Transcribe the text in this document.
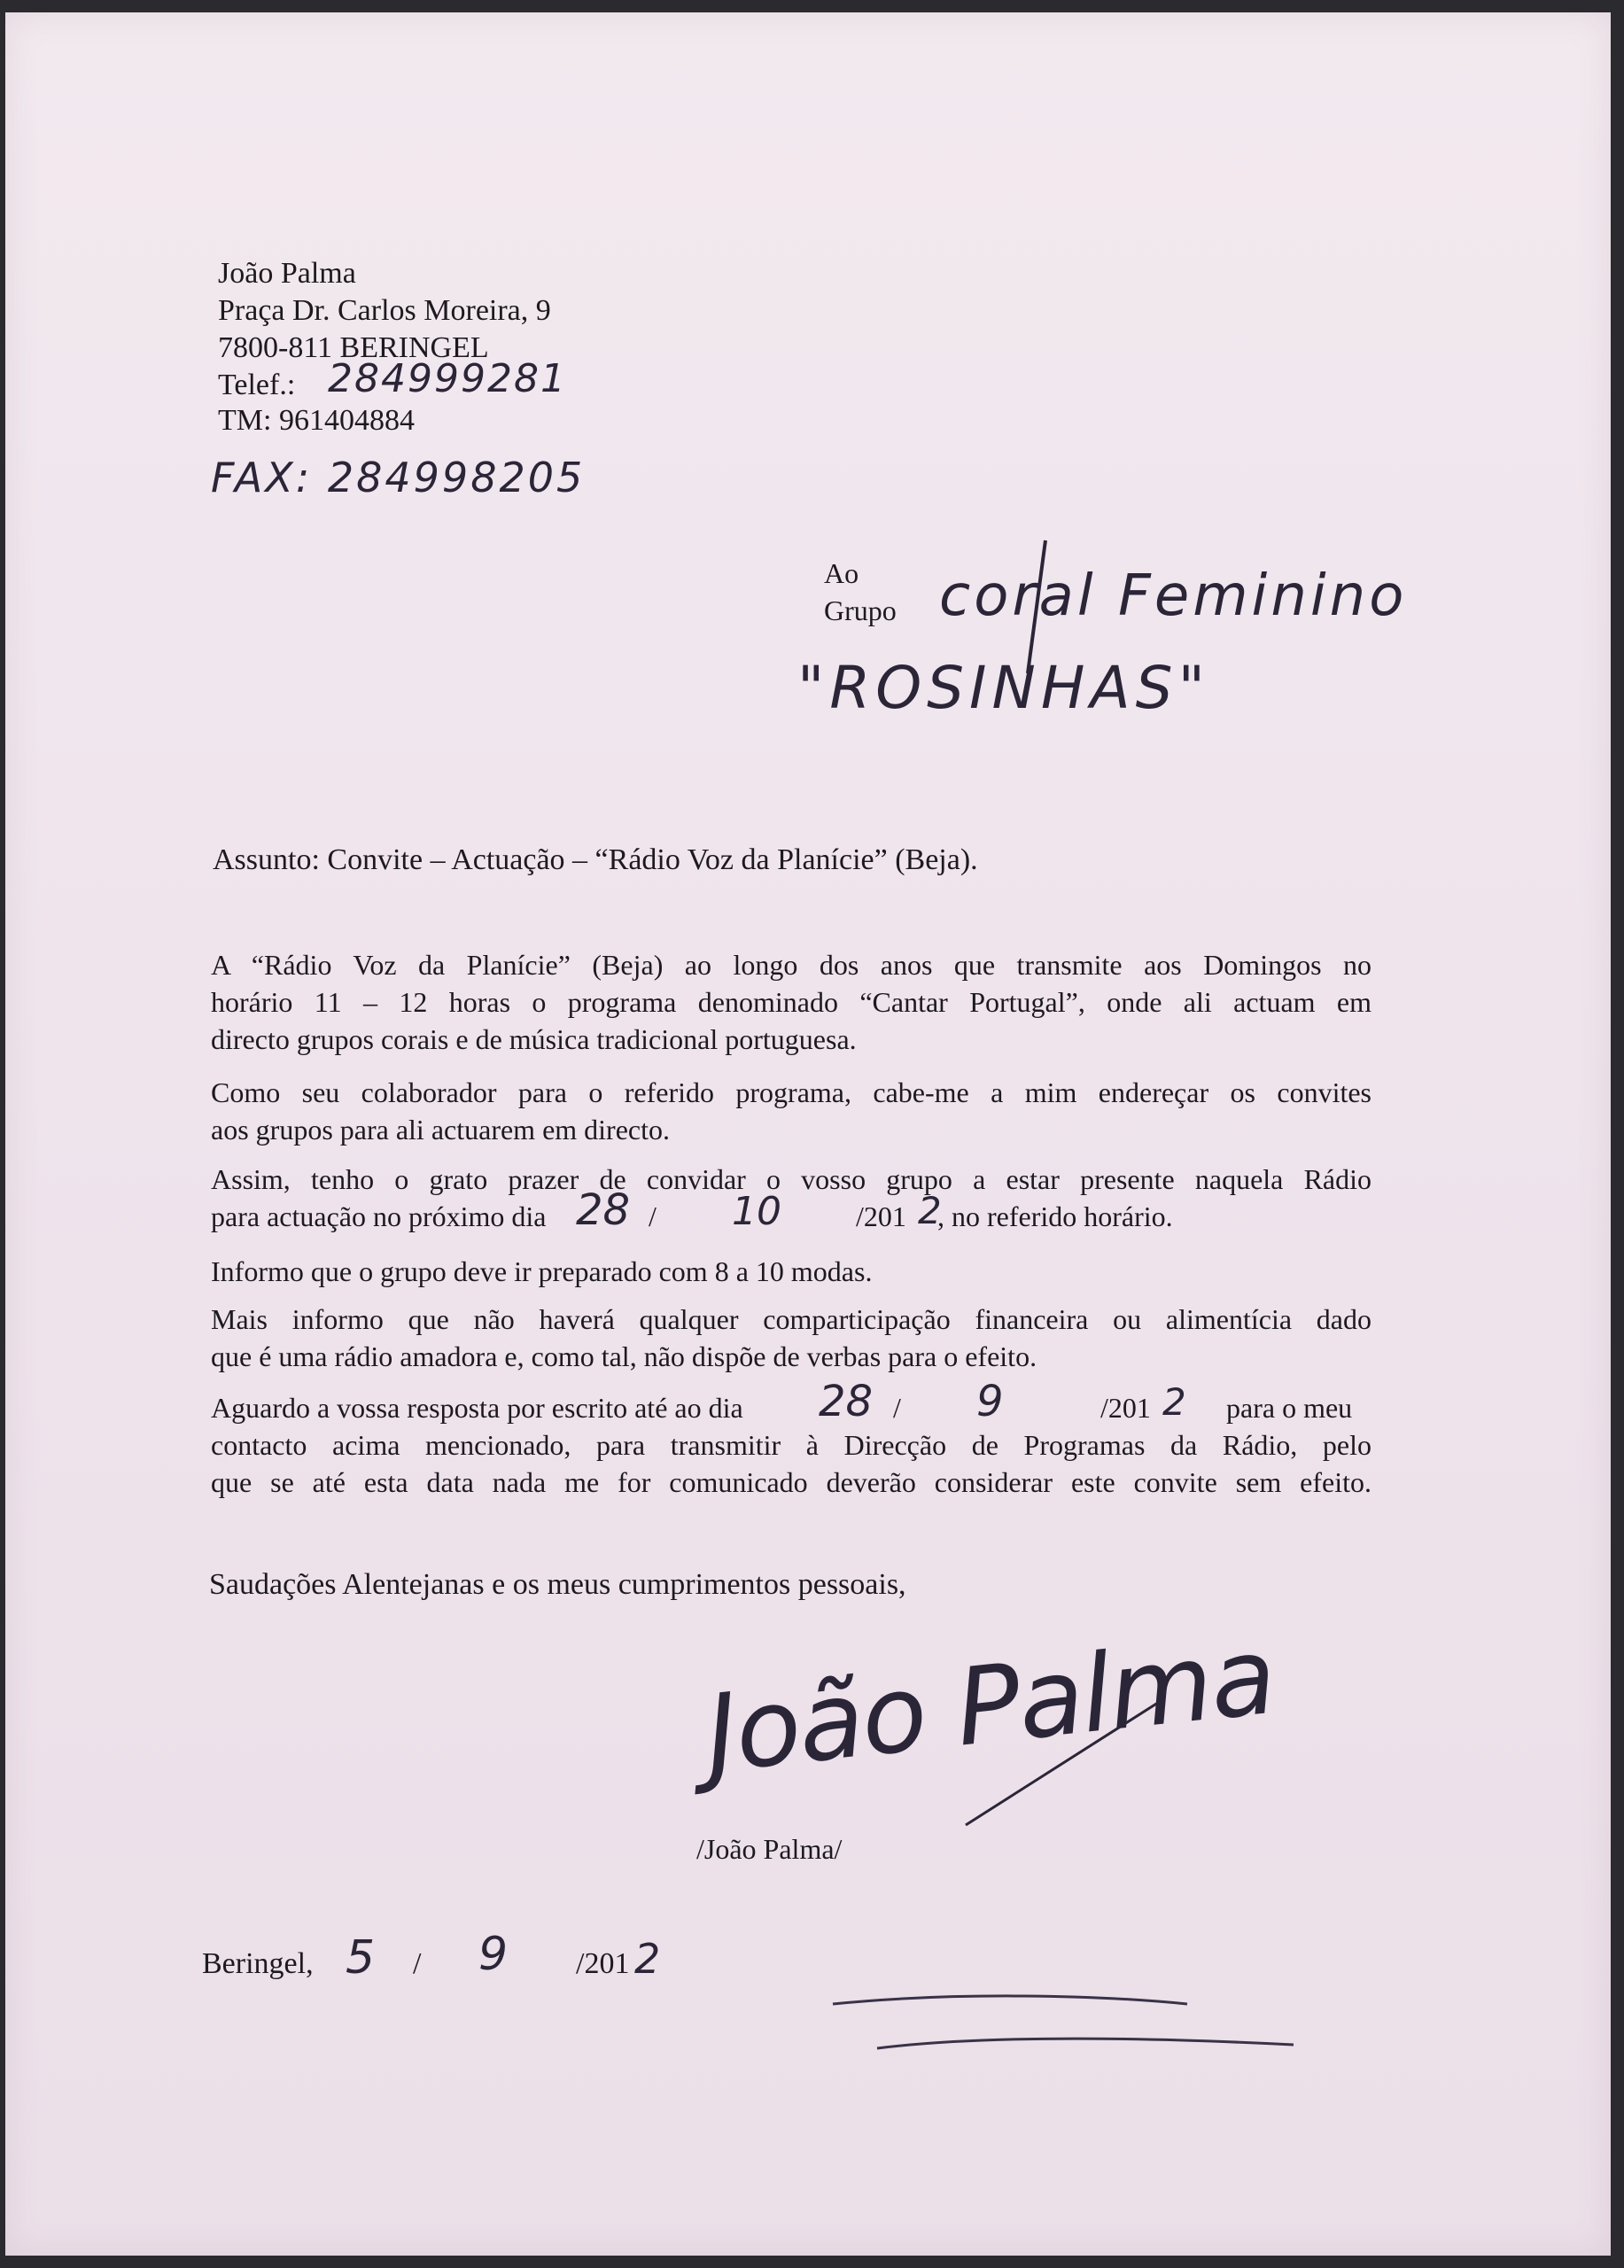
João Palma
Praça Dr. Carlos Moreira, 9
7800-811 BERINGEL
Telef.: 284999281
TM: 961404884
FAX: 284998205
Ao
Grupo coral Feminino
"ROSINHAS"
Assunto: Convite – Actuação – “Rádio Voz da Planície” (Beja).
A “Rádio Voz da Planície” (Beja) ao longo dos anos que transmite aos Domingos no
horário 11 – 12 horas o programa denominado “Cantar Portugal”, onde ali actuam em
directo grupos corais e de música tradicional portuguesa.
Como seu colaborador para o referido programa, cabe-me a mim endereçar os convites
aos grupos para ali actuarem em directo.
Assim, tenho o grato prazer de convidar o vosso grupo a estar presente naquela Rádio
para actuação no próximo dia 28 / 10	/201 2
, no referido horário.
Informo que o grupo deve ir preparado com 8 a 10 modas.
Mais informo que não haverá qualquer comparticipação financeira ou alimentícia dado
que é uma rádio amadora e, como tal, não dispõe de verbas para o efeito.
Aguardo a vossa resposta por escrito até ao dia 28 / 9	/201 2 para o meu
contacto acima mencionado, para transmitir à Direcção de Programas da Rádio, pelo
que se até esta data nada me for comunicado deverão considerar este convite sem efeito.
Saudações Alentejanas e os meus cumprimentos pessoais,
João Palma
/João Palma/
Beringel, 5 / 9 /201 2
